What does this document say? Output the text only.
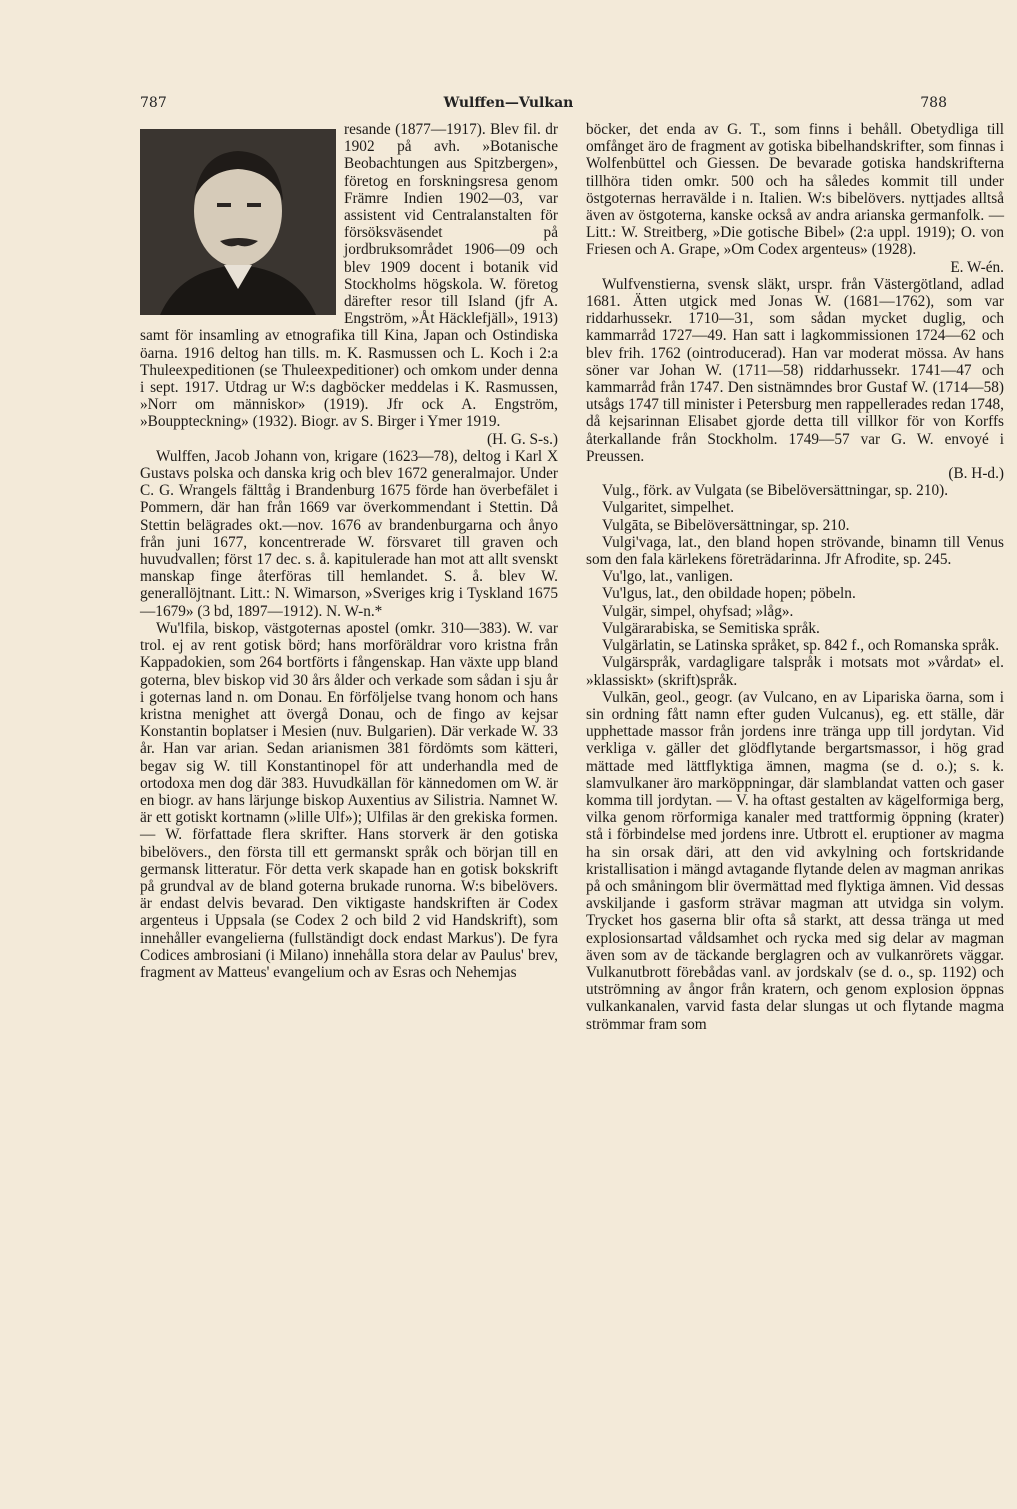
787	Wulffen—Vulkan	788

resande (1877—1917). Blev fil. dr 1902 på avh. »Botanische Beobachtungen aus Spitzbergen», företog en forskningsresa genom Främre Indien 1902—03, var assistent vid Centralanstalten för försöksväsendet på jordbruksområdet 1906—09 och blev 1909 docent i botanik vid Stockholms högskola. W. företog därefter resor till Island (jfr A. Engström, »Åt Häcklefjäll», 1913) samt för insamling av etnografika till Kina, Japan och Ostindiska öarna. 1916 deltog han tills. m. K. Rasmussen och L. Koch i 2:a Thuleexpeditionen (se Thuleexpeditioner) och omkom under denna i sept. 1917. Utdrag ur W:s dagböcker meddelas i K. Rasmussen, »Norr om människor» (1919). Jfr ock A. Engström, »Bouppteckning» (1932). Biogr. av S. Birger i Ymer 1919.
(H. G. S-s.)

Wulffen, Jacob Johann von, krigare (1623—78), deltog i Karl X Gustavs polska och danska krig och blev 1672 generalmajor. Under C. G. Wrangels fälttåg i Brandenburg 1675 förde han överbefälet i Pommern, där han från 1669 var överkommendant i Stettin. Då Stettin belägrades okt.—nov. 1676 av brandenburgarna och ånyo från juni 1677, koncentrerade W. försvaret till graven och huvudvallen; först 17 dec. s. å. kapitulerade han mot att allt svenskt manskap finge återföras till hemlandet. S. å. blev W. generallöjtnant. Litt.: N. Wimarson, »Sveriges krig i Tyskland 1675—1679» (3 bd, 1897—1912). N. W-n.*

Wu'lfila, biskop, västgoternas apostel (omkr. 310—383). W. var trol. ej av rent gotisk börd; hans morföräldrar voro kristna från Kappadokien, som 264 bortförts i fångenskap. Han växte upp bland goterna, blev biskop vid 30 års ålder och verkade som sådan i sju år i goternas land n. om Donau. En förföljelse tvang honom och hans kristna menighet att övergå Donau, och de fingo av kejsar Konstantin boplatser i Mesien (nuv. Bulgarien). Där verkade W. 33 år. Han var arian. Sedan arianismen 381 fördömts som kätteri, begav sig W. till Konstantinopel för att underhandla med de ortodoxa men dog där 383. Huvudkällan för kännedomen om W. är en biogr. av hans lärjunge biskop Auxentius av Silistria. Namnet W. är ett gotiskt kortnamn (»lille Ulf»); Ulfilas är den grekiska formen. — W. författade flera skrifter. Hans storverk är den gotiska bibelövers., den första till ett germanskt språk och början till en germansk litteratur. För detta verk skapade han en gotisk bokskrift på grundval av de bland goterna brukade runorna. W:s bibelövers. är endast delvis bevarad. Den viktigaste handskriften är Codex argenteus i Uppsala (se Codex 2 och bild 2 vid Handskrift), som innehåller evangelierna (fullständigt dock endast Markus'). De fyra Codices ambrosiani (i Milano) innehålla stora delar av Paulus' brev, fragment av Matteus' evangelium och av Esras och Nehemjas

böcker, det enda av G. T., som finns i behåll. Obetydliga till omfånget äro de fragment av gotiska bibelhandskrifter, som finnas i Wolfenbüttel och Giessen. De bevarade gotiska handskrifterna tillhöra tiden omkr. 500 och ha således kommit till under östgoternas herravälde i n. Italien. W:s bibelövers. nyttjades alltså även av östgoterna, kanske också av andra arianska germanfolk. — Litt.: W. Streitberg, »Die gotische Bibel» (2:a uppl. 1919); O. von Friesen och A. Grape, »Om Codex argenteus» (1928).
E. W-én.

Wulfvenstierna, svensk släkt, urspr. från Västergötland, adlad 1681. Ätten utgick med Jonas W. (1681—1762), som var riddarhussekr. 1710—31, som sådan mycket duglig, och kammarråd 1727—49. Han satt i lagkommissionen 1724—62 och blev frih. 1762 (ointroducerad). Han var moderat mössa. Av hans söner var Johan W. (1711—58) riddarhussekr. 1741—47 och kammarråd från 1747. Den sistnämndes bror Gustaf W. (1714—58) utsågs 1747 till minister i Petersburg men rappellerades redan 1748, då kejsarinnan Elisabet gjorde detta till villkor för von Korffs återkallande från Stockholm. 1749—57 var G. W. envoyé i Preussen.
(B. H-d.)

Vulg., förk. av Vulgata (se Bibelöversättningar, sp. 210).

Vulgaritet, simpelhet.

Vulgāta, se Bibelöversättningar, sp. 210.

Vulgi'vaga, lat., den bland hopen strövande, binamn till Venus som den fala kärlekens företrädarinna. Jfr Afrodite, sp. 245.

Vu'lgo, lat., vanligen.

Vu'lgus, lat., den obildade hopen; pöbeln.

Vulgär, simpel, ohyfsad; »låg».

Vulgärarabiska, se Semitiska språk.

Vulgärlatin, se Latinska språket, sp. 842 f., och Romanska språk.

Vulgärspråk, vardagligare talspråk i motsats mot »vårdat» el. »klassiskt» (skrift)språk.

Vulkān, geol., geogr. (av Vulcano, en av Lipariska öarna, som i sin ordning fått namn efter guden Vulcanus), eg. ett ställe, där upphettade massor från jordens inre tränga upp till jordytan. Vid verkliga v. gäller det glödflytande bergartsmassor, i hög grad mättade med lättflyktiga ämnen, magma (se d. o.); s. k. slamvulkaner äro marköppningar, där slamblandat vatten och gaser komma till jordytan. — V. ha oftast gestalten av kägelformiga berg, vilka genom rörformiga kanaler med trattformig öppning (krater) stå i förbindelse med jordens inre. Utbrott el. eruptioner av magma ha sin orsak däri, att den vid avkylning och fortskridande kristallisation i mängd avtagande flytande delen av magman anrikas på och småningom blir övermättad med flyktiga ämnen. Vid dessas avskiljande i gasform strävar magman att utvidga sin volym. Trycket hos gaserna blir ofta så starkt, att dessa tränga ut med explosionsartad våldsamhet och rycka med sig delar av magman även som av de täckande berglagren och av vulkanrörets väggar. Vulkanutbrott förebådas vanl. av jordskalv (se d. o., sp. 1192) och utströmning av ångor från kratern, och genom explosion öppnas vulkankanalen, varvid fasta delar slungas ut och flytande magma strömmar fram som
